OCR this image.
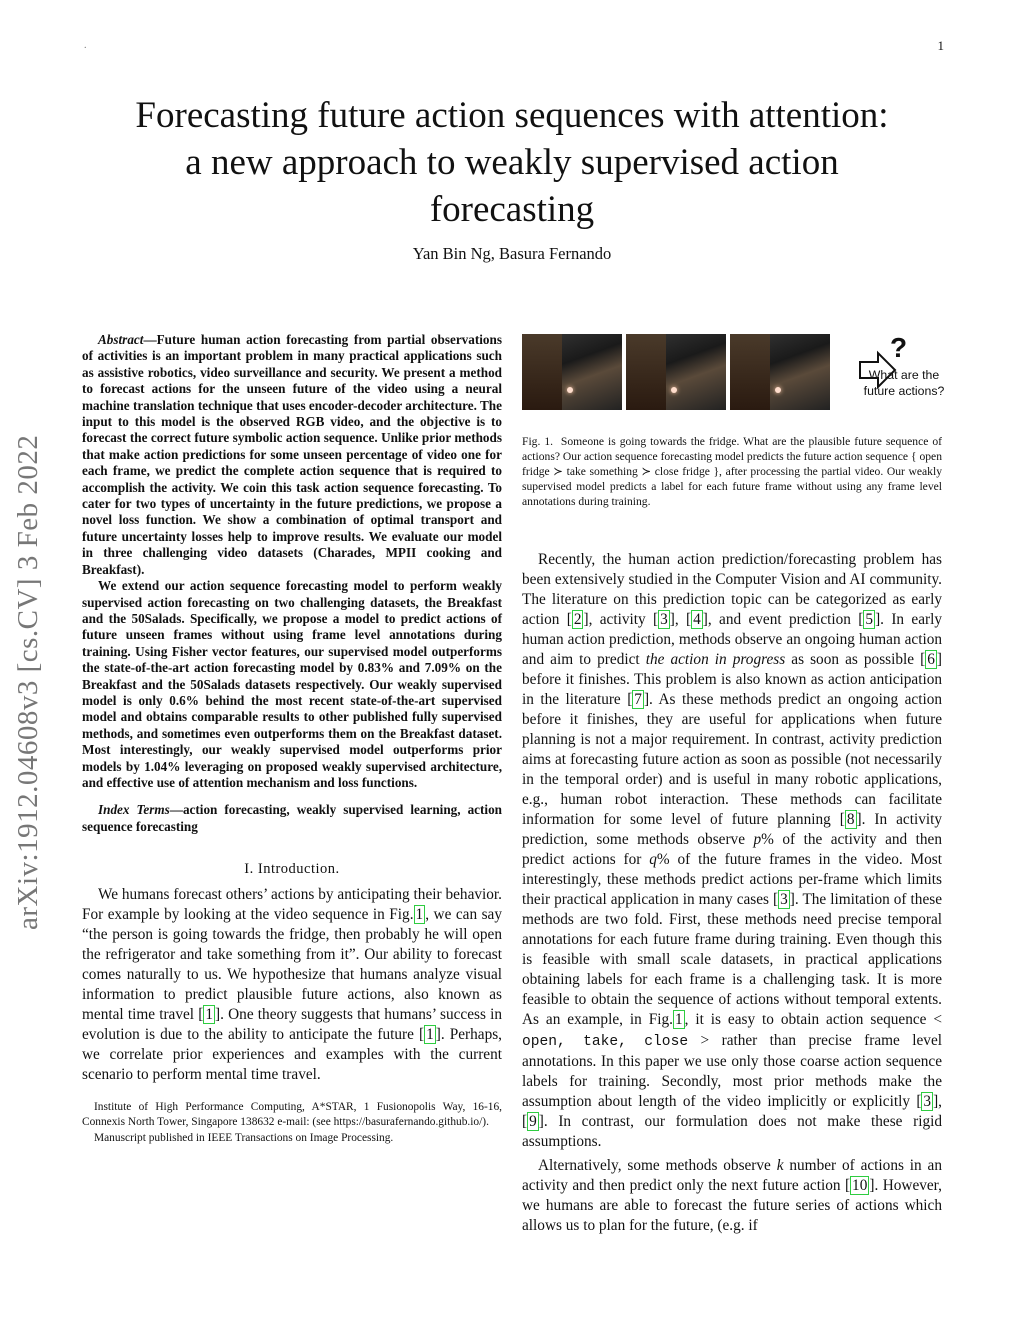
.	1
arXiv:1912.04608v3 [cs.CV] 3 Feb 2022
Forecasting future action sequences with attention:
a new approach to weakly supervised action
forecasting
Yan Bin Ng, Basura Fernando

Abstract—Future human action forecasting from partial observations of activities is an important problem in many practical applications such as assistive robotics, video surveillance and security. We present a method to forecast actions for the unseen future of the video using a neural machine translation technique that uses encoder-decoder architecture. The input to this model is the observed RGB video, and the objective is to forecast the correct future symbolic action sequence. Unlike prior methods that make action predictions for some unseen percentage of video one for each frame, we predict the complete action sequence that is required to accomplish the activity. We coin this task action sequence forecasting. To cater for two types of uncertainty in the future predictions, we propose a novel loss function. We show a combination of optimal transport and future uncertainty losses help to improve results. We evaluate our model in three challenging video datasets (Charades, MPII cooking and Breakfast).

We extend our action sequence forecasting model to perform weakly supervised action forecasting on two challenging datasets, the Breakfast and the 50Salads. Specifically, we propose a model to predict actions of future unseen frames without using frame level annotations during training. Using Fisher vector features, our supervised model outperforms the state-of-the-art action forecasting model by 0.83% and 7.09% on the Breakfast and the 50Salads datasets respectively. Our weakly supervised model is only 0.6% behind the most recent state-of-the-art supervised model and obtains comparable results to other published fully supervised methods, and sometimes even outperforms them on the Breakfast dataset. Most interestingly, our weakly supervised model outperforms prior models by 1.04% leveraging on proposed weakly supervised architecture, and effective use of attention mechanism and loss functions.

Index Terms—action forecasting, weakly supervised learning, action sequence forecasting
I. Introduction.

We humans forecast others’ actions by anticipating their behavior. For example by looking at the video sequence in Fig. 1 , we can say “the person is going towards the fridge, then probably he will open the refrigerator and take something from it”. Our ability to forecast comes naturally to us. We hypothesize that humans analyze visual information to predict plausible future actions, also known as mental time travel [ 1 ]. One theory suggests that humans’ success in evolution is due to the ability to anticipate the future [ 1 ]. Perhaps, we correlate prior experiences and examples with the current scenario to perform mental time travel.

Institute of High Performance Computing, A*STAR, 1 Fusionopolis Way, 16-16, Connexis North Tower, Singapore 138632 e-mail: (see https://basurafernando.github.io/).

Manuscript published in IEEE Transactions on Image Processing.

?
What are the future actions?
Fig. 1. Someone is going towards the fridge. What are the plausible future sequence of actions? Our action sequence forecasting model predicts the future action sequence { open fridge ≻ take something ≻ close fridge }, after processing the partial video. Our weakly supervised model predicts a label for each future frame without using any frame level annotations during training.

Recently, the human action prediction/forecasting problem has been extensively studied in the Computer Vision and AI community. The literature on this prediction topic can be categorized as early action [ 2 ], activity [ 3 ], [ 4 ], and event prediction [ 5 ]. In early human action prediction, methods observe an ongoing human action and aim to predict the action in progress as soon as possible [ 6 ] before it finishes. This problem is also known as action anticipation in the literature [ 7 ]. As these methods predict an ongoing action before it finishes, they are useful for applications when future planning is not a major requirement. In contrast, activity prediction aims at forecasting future action as soon as possible (not necessarily in the temporal order) and is useful in many robotic applications, e.g., human robot interaction. These methods can facilitate information for some level of future planning [ 8 ]. In activity prediction, some methods observe p% of the activity and then predict actions for q% of the future frames in the video. Most interestingly, these methods predict actions per-frame which limits their practical application in many cases [ 3 ]. The limitation of these methods are two fold. First, these methods need precise temporal annotations for each future frame during training. Even though this is feasible with small scale datasets, in practical applications obtaining labels for each frame is a challenging task. It is more feasible to obtain the sequence of actions without temporal extents. As an example, in Fig. 1 , it is easy to obtain action sequence < open, take, close > rather than precise frame level annotations. In this paper we use only those coarse action sequence labels for training. Secondly, most prior methods make the assumption about length of the video implicitly or explicitly [ 3 ], [ 9 ]. In contrast, our formulation does not make these rigid assumptions.

Alternatively, some methods observe k number of actions in an activity and then predict only the next future action [ 10 ]. However, we humans are able to forecast the future series of actions which allows us to plan for the future, (e.g. if
